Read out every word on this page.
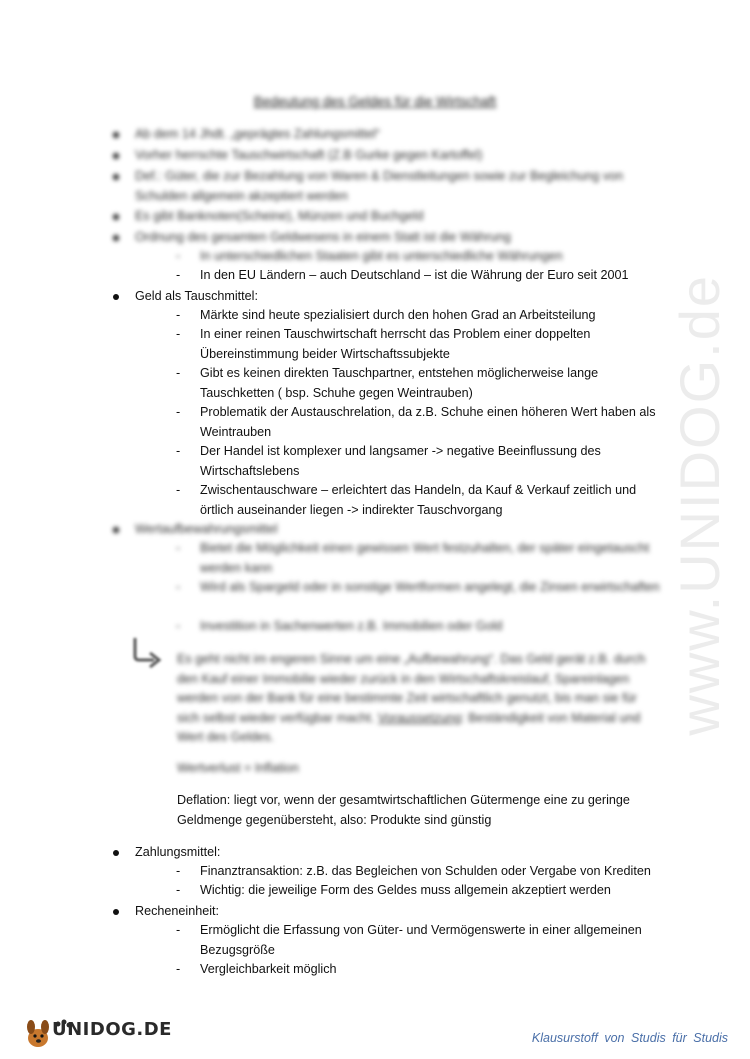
www.UNIDOG.de
Bedeutung des Geldes für die Wirtschaft
Ab dem 14 Jhdt. „geprägtes Zahlungsmittel“
Vorher herrschte Tauschwirtschaft (Z.B Gurke gegen Kartoffel)
Def.: Güter, die zur Bezahlung von Waren & Dienstleitungen sowie zur Begleichung von Schulden allgemein akzeptiert werden
Es gibt Banknoten(Scheine), Münzen und Buchgeld
Ordnung des gesamten Geldwesens in einem Statt ist die Währung
- In unterschiedlichen Staaten gibt es unterschiedliche Währungen
- In den EU Ländern – auch Deutschland – ist die Währung der Euro seit 2001
Geld als Tauschmittel:
- Märkte sind heute spezialisiert durch den hohen Grad an Arbeitsteilung
- In einer reinen Tauschwirtschaft herrscht das Problem einer doppelten Übereinstimmung beider Wirtschaftssubjekte
- Gibt es keinen direkten Tauschpartner, entstehen möglicherweise lange Tauschketten ( bsp. Schuhe gegen Weintrauben)
- Problematik der Austauschrelation, da z.B. Schuhe einen höheren Wert haben als Weintrauben
- Der Handel ist komplexer und langsamer -> negative Beeinflussung des Wirtschaftslebens
- Zwischentauschware – erleichtert das Handeln, da Kauf & Verkauf zeitlich und örtlich auseinander liegen -> indirekter Tauschvorgang
Wertaufbewahrungsmittel
- Bietet die Möglichkeit einen gewissen Wert festzuhalten, der später eingetauscht werden kann
- Wird als Spargeld oder in sonstige Wertformen angelegt, die Zinsen erwirtschaften
- Investition in Sachenwerten z.B. Immobilien oder Gold
Es geht nicht im engeren Sinne um eine „Aufbewahrung“. Das Geld gerät z.B. durch den Kauf einer Immobilie wieder zurück in den Wirtschaftskreislauf, Spareinlagen werden von der Bank für eine bestimmte Zeit wirtschaftlich genutzt, bis man sie für sich selbst wieder verfügbar macht. Voraussetzung: Beständigkeit von Material und Wert des Geldes.
Wertverlust = Inflation
Deflation: liegt vor, wenn der gesamtwirtschaftlichen Gütermenge eine zu geringe Geldmenge gegenübersteht, also: Produkte sind günstig
Zahlungsmittel:
- Finanztransaktion: z.B. das Begleichen von Schulden oder Vergabe von Krediten
- Wichtig: die jeweilige Form des Geldes muss allgemein akzeptiert werden
Recheneinheit:
- Ermöglicht die Erfassung von Güter- und Vermögenswerte in einer allgemeinen Bezugsgröße
- Vergleichbarkeit möglich
UNIDOG.DE	Klausurstoff von Studis für Studis
